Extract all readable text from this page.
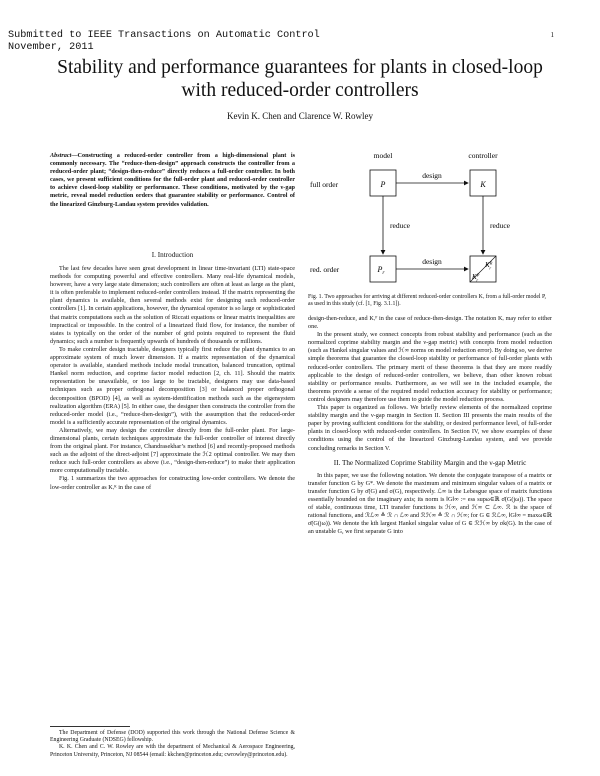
Submitted to IEEE Transactions on Automatic Control
November, 2011
1
Stability and performance guarantees for plants in closed-loop
with reduced-order controllers
Kevin K. Chen and Clarence W. Rowley
Abstract—Constructing a reduced-order controller from a high-dimensional plant is commonly necessary. The “reduce-then-design” approach constructs the controller from a reduced-order plant; “design-then-reduce” directly reduces a full-order controller. In both cases, we present sufficient conditions for the full-order plant and reduced-order controller to achieve closed-loop stability or performance. These conditions, motivated by the ν-gap metric, reveal model reduction orders that guarantee stability or performance. Control of the linearized Ginzburg-Landau system provides validation.
I. Introduction

The last few decades have seen great development in linear time-invariant (LTI) state-space methods for computing powerful and effective controllers. Many real-life dynamical models, however, have a very large state dimension; such controllers are often at least as large as the plant, it is often preferable to implement reduced-order controllers instead. If the matrix representing the plant dynamics is available, then several methods exist for designing such reduced-order controllers [1]. In certain applications, however, the dynamical operator is so large or sophisticated that matrix computations such as the solution of Riccati equations or linear matrix inequalities are impractical or impossible. In the control of a linearized fluid flow, for instance, the number of states is typically on the order of the number of grid points required to represent the fluid dynamics; such a number is frequently upwards of hundreds of thousands or millions.

To make controller design tractable, designers typically first reduce the plant dynamics to an approximate system of much lower dimension. If a matrix representation of the dynamical operator is available, standard methods include modal truncation, balanced truncation, optimal Hankel norm reduction, and coprime factor model reduction [2, ch. 11]. Should the matrix representation be unavailable, or too large to be tractable, designers may use data-based techniques such as proper orthogonal decomposition [3] or balanced proper orthogonal decomposition (BPOD) [4], as well as system-identification methods such as the eigensystem realization algorithm (ERA) [5]. In either case, the designer then constructs the controller from the reduced-order model (i.e., “reduce-then-design”), with the assumption that the reduced-order model is a sufficiently accurate representation of the original dynamics.

Alternatively, we may design the controller directly from the full-order plant. For large-dimensional plants, certain techniques approximate the full-order controller of interest directly from the original plant. For instance, Chandrasekhar’s method [6] and recently-proposed methods such as the adjoint of the direct-adjoint [7] approximate the ℋ2 optimal controller. We may then reduce such full-order controllers as above (i.e., “design-then-reduce”) to make their application more computationally tractable.

Fig. 1 summarizes the two approaches for constructing low-order controllers. We denote the low-order controller as Kᵣᴿ in the case of

The Department of Defense (DOD) supported this work through the National Defense Science & Engineering Graduate (NDSEG) fellowship.

K. K. Chen and C. W. Rowley are with the department of Mechanical & Aerospace Engineering, Princeton University, Princeton, NJ 08544 (email: kkchen@princeton.edu; cwrowley@princeton.edu).

model	controller
full order
red. order
P	K
$P_r$
$K^R$ r
$K^P$ r
design
design
reduce	reduce
Fig. 1. Two approaches for arriving at different reduced-order controllers Kᵣ from a full-order model P, as used in this study (cf. [1, Fig. 3.1.1]).

design-then-reduce, and Kᵣᴾ in the case of reduce-then-design. The notation Kᵣ may refer to either one.

In the present study, we connect concepts from robust stability and performance (such as the normalized coprime stability margin and the ν-gap metric) with concepts from model reduction (such as Hankel singular values and ℋ∞ norms on model reduction error). By doing so, we derive simple theorems that guarantee the closed-loop stability or performance of full-order plants with reduced-order controllers. The primary merit of these theorems is that they are more readily applicable to the design of reduced-order controllers, we believe, than other known robust stability or performance results. Furthermore, as we will see in the included example, the theorems provide a sense of the required model reduction accuracy for stability or performance; control designers may therefore use them to guide the model reduction process.

This paper is organized as follows. We briefly review elements of the normalized coprime stability margin and the ν-gap margin in Section II. Section III presents the main results of the paper by proving sufficient conditions for the stability, or desired performance level, of full-order plants in closed-loop with reduced-order controllers. In Section IV, we show examples of these conditions using the control of the linearized Ginzburg-Landau system, and we provide concluding remarks in Section V.

II. The Normalized Coprime Stability Margin and the ν-gap Metric

In this paper, we use the following notation. We denote the conjugate transpose of a matrix or transfer function G by G*. We denote the maximum and minimum singular values of a matrix or transfer function G by σ̄(G) and σ(G), respectively. ℒ∞ is the Lebesgue space of matrix functions essentially bounded on the imaginary axis; its norm is ‖G‖∞ := ess supω∈ℝ σ̄(G(jω)). The space of stable, continuous time, LTI transfer functions is ℋ∞, and ℋ∞ ⊂ ℒ∞. ℛ is the space of rational functions, and ℛℒ∞ ≜ ℛ ∩ ℒ∞ and ℛℋ∞ ≜ ℛ ∩ ℋ∞; for G ∈ ℛℒ∞, ‖G‖∞ = maxω∈ℝ σ̄(G(jω)). We denote the kth largest Hankel singular value of G ∈ ℛℋ∞ by σk(G). In the case of an unstable G, we first separate G into
